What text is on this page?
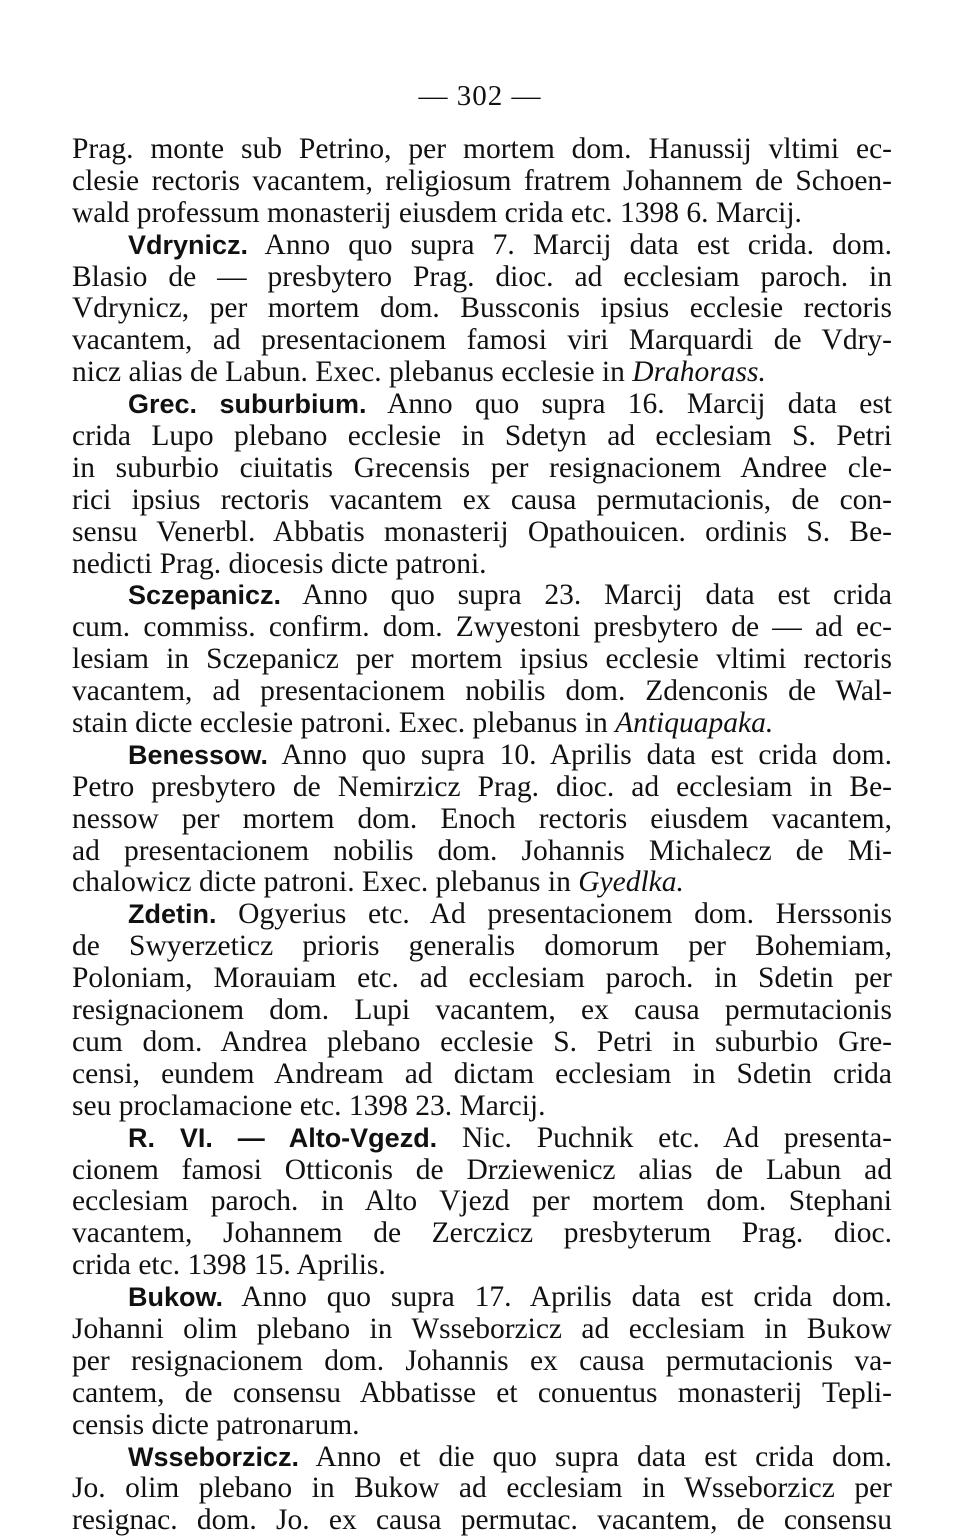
— 302 —
Prag. monte sub Petrino, per mortem dom. Hanussij vltimi ec-
clesie rectoris vacantem, religiosum fratrem Johannem de Schoen-
wald professum monasterij eiusdem crida etc. 1398 6. Marcij.
Vdrynicz. Anno quo supra 7. Marcij data est crida. dom.
Blasio de — presbytero Prag. dioc. ad ecclesiam paroch. in
Vdrynicz, per mortem dom. Bussconis ipsius ecclesie rectoris
vacantem, ad presentacionem famosi viri Marquardi de Vdry-
nicz alias de Labun. Exec. plebanus ecclesie in Drahorass.
Grec. suburbium. Anno quo supra 16. Marcij data est
crida Lupo plebano ecclesie in Sdetyn ad ecclesiam S. Petri
in suburbio ciuitatis Grecensis per resignacionem Andree cle-
rici ipsius rectoris vacantem ex causa permutacionis, de con-
sensu Venerbl. Abbatis monasterij Opathouicen. ordinis S. Be-
nedicti Prag. diocesis dicte patroni.
Sczepanicz. Anno quo supra 23. Marcij data est crida
cum. commiss. confirm. dom. Zwyestoni presbytero de — ad ec-
lesiam in Sczepanicz per mortem ipsius ecclesie vltimi rectoris
vacantem, ad presentacionem nobilis dom. Zdenconis de Wal-
stain dicte ecclesie patroni. Exec. plebanus in Antiquapaka.
Benessow. Anno quo supra 10. Aprilis data est crida dom.
Petro presbytero de Nemirzicz Prag. dioc. ad ecclesiam in Be-
nessow per mortem dom. Enoch rectoris eiusdem vacantem,
ad presentacionem nobilis dom. Johannis Michalecz de Mi-
chalowicz dicte patroni. Exec. plebanus in Gyedlka.
Zdetin. Ogyerius etc. Ad presentacionem dom. Herssonis
de Swyerzeticz prioris generalis domorum per Bohemiam,
Poloniam, Morauiam etc. ad ecclesiam paroch. in Sdetin per
resignacionem dom. Lupi vacantem, ex causa permutacionis
cum dom. Andrea plebano ecclesie S. Petri in suburbio Gre-
censi, eundem Andream ad dictam ecclesiam in Sdetin crida
seu proclamacione etc. 1398 23. Marcij.
R. VI. — Alto-Vgezd. Nic. Puchnik etc. Ad presenta-
cionem famosi Otticonis de Drziewenicz alias de Labun ad
ecclesiam paroch. in Alto Vjezd per mortem dom. Stephani
vacantem, Johannem de Zerczicz presbyterum Prag. dioc.
crida etc. 1398 15. Aprilis.
Bukow. Anno quo supra 17. Aprilis data est crida dom.
Johanni olim plebano in Wsseborzicz ad ecclesiam in Bukow
per resignacionem dom. Johannis ex causa permutacionis va-
cantem, de consensu Abbatisse et conuentus monasterij Tepli-
censis dicte patronarum.
Wsseborzicz. Anno et die quo supra data est crida dom.
Jo. olim plebano in Bukow ad ecclesiam in Wsseborzicz per
resignac. dom. Jo. ex causa permutac. vacantem, de consensu
